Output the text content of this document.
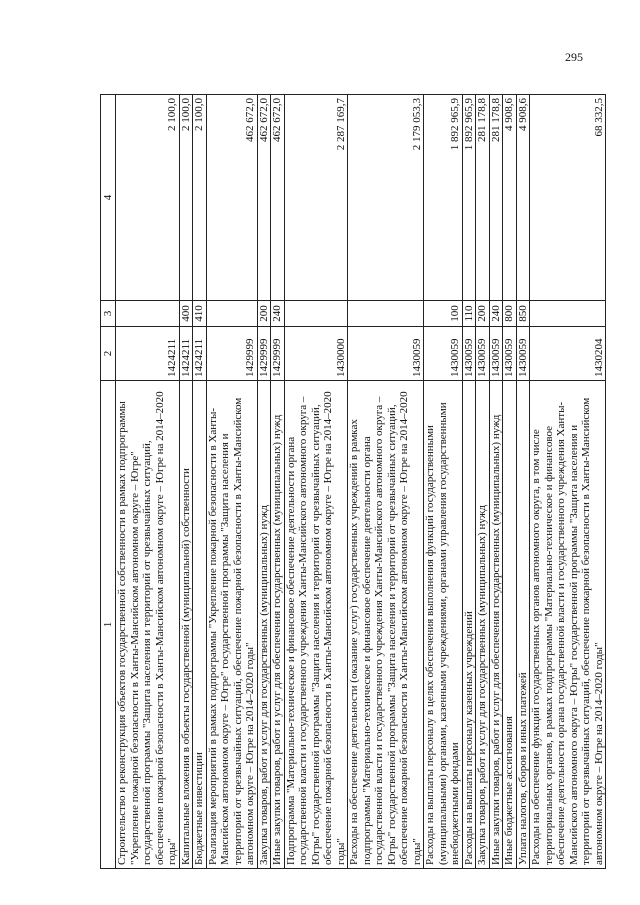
295
1	2	3	4
Строительство и реконструкция объектов государственной собственности в рамках подпрограммы "Укрепление пожарной безопасности в Ханты-Мансийском автономном округе – Югре" государственной программы "Защита населения и территорий от чрезвычайных ситуаций, обеспечение пожарной безопасности в Ханты-Мансийском автономном округе – Югре на 2014–2020 годы"	1424211		2 100,0
Капитальные вложения в объекты государственной (муниципальной) собственности	1424211	400	2 100,0
Бюджетные инвестиции	1424211	410	2 100,0
Реализация мероприятий в рамках подпрограммы "Укрепление пожарной безопасности в Ханты-Мансийском автономном округе – Югре" государственной программы "Защита населения и территорий от чрезвычайных ситуаций, обеспечение пожарной безопасности в Ханты-Мансийском автономном округе – Югре на 2014–2020 годы"	1429999		462 672,0
Закупка товаров, работ и услуг для государственных (муниципальных) нужд	1429999	200	462 672,0
Иные закупки товаров, работ и услуг для обеспечения государственных (муниципальных) нужд	1429999	240	462 672,0
Подпрограмма "Материально-техническое и финансовое обеспечение деятельности органа государственной власти и государственного учреждения Ханты-Мансийского автономного округа – Югры" государственной программы "Защита населения и территорий от чрезвычайных ситуаций, обеспечение пожарной безопасности в Ханты-Мансийском автономном округе – Югре на 2014–2020 годы"	1430000		2 287 169,7
Расходы на обеспечение деятельности (оказание услуг) государственных учреждений в рамках подпрограммы "Материально-техническое и финансовое обеспечение деятельности органа государственной власти и государственного учреждения Ханты-Мансийского автономного округа – Югры" государственной программы "Защита населения и территорий от чрезвычайных ситуаций, обеспечение пожарной безопасности в Ханты-Мансийском автономном округе – Югре на 2014–2020 годы"	1430059		2 179 053,3
Расходы на выплаты персоналу в целях обеспечения выполнения функций государственными (муниципальными) органами, казенными учреждениями, органами управления государственными внебюджетными фондами	1430059	100	1 892 965,9
Расходы на выплаты персоналу казенных учреждений	1430059	110	1 892 965,9
Закупка товаров, работ и услуг для государственных (муниципальных) нужд	1430059	200	281 178,8
Иные закупки товаров, работ и услуг для обеспечения государственных (муниципальных) нужд	1430059	240	281 178,8
Иные бюджетные ассигнования	1430059	800	4 908,6
Уплата налогов, сборов и иных платежей	1430059	850	4 908,6
Расходы на обеспечение функций государственных органов автономного округа, в том числе территориальных органов, в рамках подпрограммы "Материально-техническое и финансовое обеспечение деятельности органа государственной власти и государственного учреждения Ханты-Мансийского автономного округа – Югры" государственной программы "Защита населения и территорий от чрезвычайных ситуаций, обеспечение пожарной безопасности в Ханты-Мансийском автономном округе – Югре на 2014–2020 годы"	1430204		68 332,5
